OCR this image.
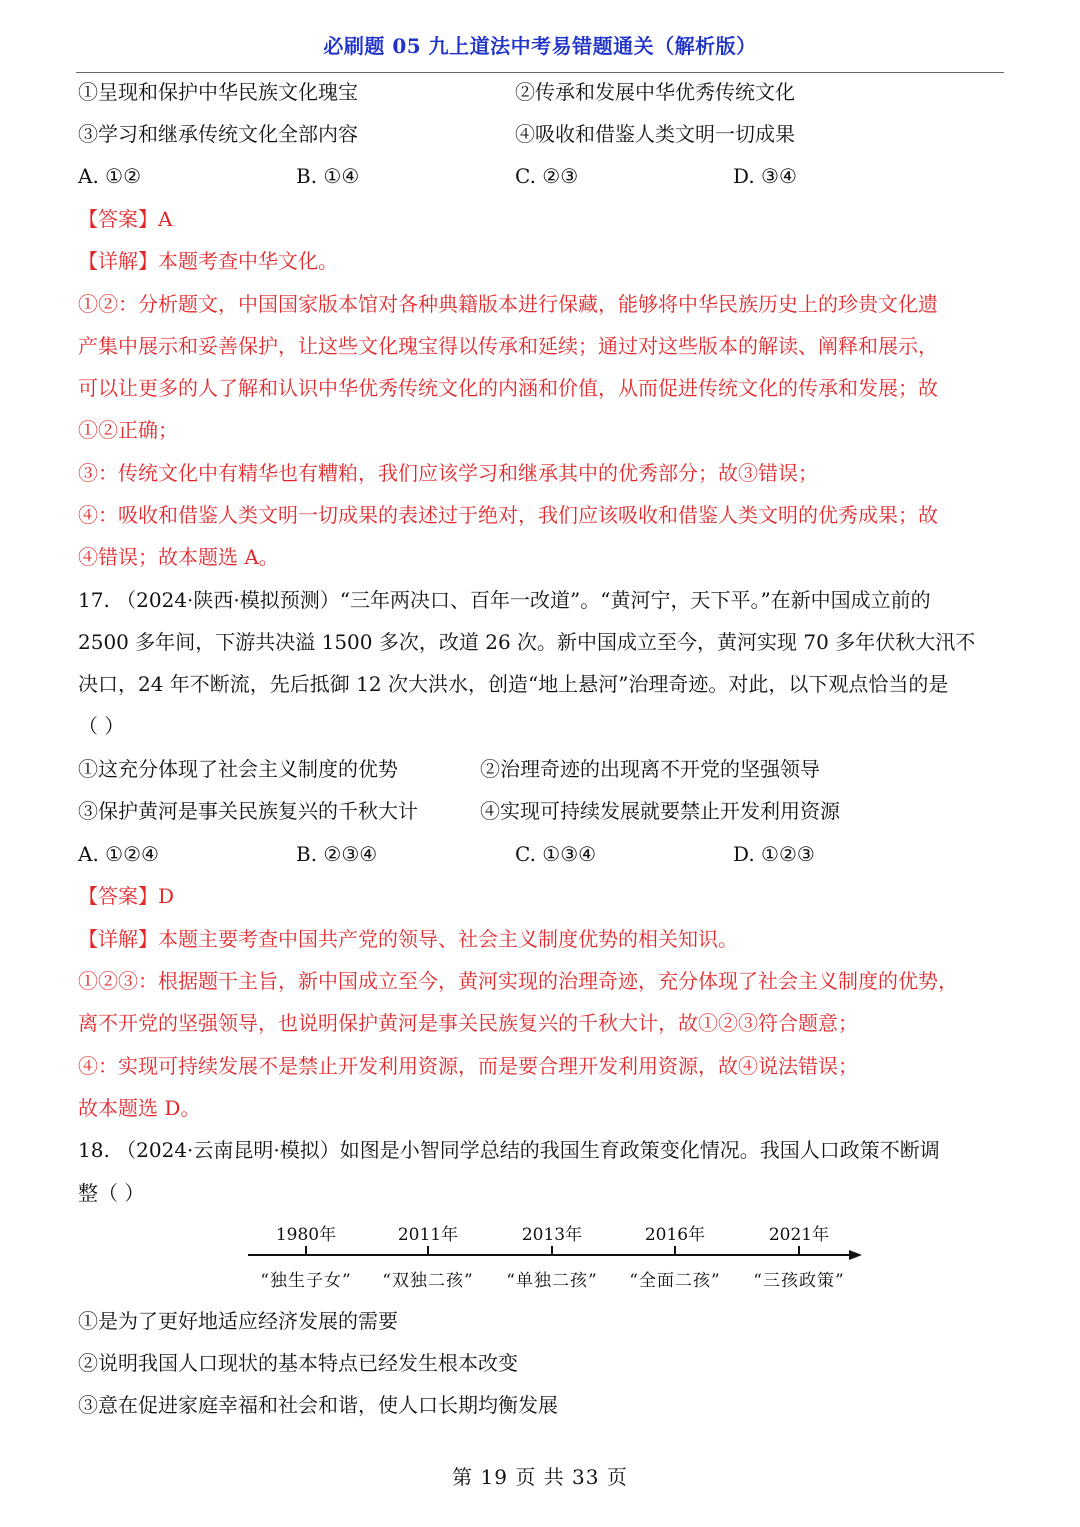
必刷题 05 九上道法中考易错题通关（解析版）
①呈现和保护中华民族文化瑰宝	②传承和发展中华优秀传统文化
③学习和继承传统文化全部内容	④吸收和借鉴人类文明一切成果
A. ①②	B. ①④	C. ②③	D. ③④
【答案】A
【详解】本题考查中华文化。
①②：分析题文，中国国家版本馆对各种典籍版本进行保藏，能够将中华民族历史上的珍贵文化遗
产集中展示和妥善保护，让这些文化瑰宝得以传承和延续；通过对这些版本的解读、阐释和展示，
可以让更多的人了解和认识中华优秀传统文化的内涵和价值，从而促进传统文化的传承和发展；故
①②正确；
③：传统文化中有精华也有糟粕，我们应该学习和继承其中的优秀部分；故③错误；
④：吸收和借鉴人类文明一切成果的表述过于绝对，我们应该吸收和借鉴人类文明的优秀成果；故
④错误；故本题选 A。
17. （2024·陕西·模拟预测）“三年两决口、百年一改道”。“黄河宁，天下平。”在新中国成立前的
2500 多年间，下游共决溢 1500 多次，改道 26 次。新中国成立至今，黄河实现 70 多年伏秋大汛不
决口，24 年不断流，先后抵御 12 次大洪水，创造“地上悬河”治理奇迹。对此，以下观点恰当的是
（ ）
①这充分体现了社会主义制度的优势	②治理奇迹的出现离不开党的坚强领导
③保护黄河是事关民族复兴的千秋大计	④实现可持续发展就要禁止开发利用资源
A. ①②④	B. ②③④	C. ①③④	D. ①②③
【答案】D
【详解】本题主要考查中国共产党的领导、社会主义制度优势的相关知识。
①②③：根据题干主旨，新中国成立至今，黄河实现的治理奇迹，充分体现了社会主义制度的优势，
离不开党的坚强领导，也说明保护黄河是事关民族复兴的千秋大计，故①②③符合题意；
④：实现可持续发展不是禁止开发利用资源，而是要合理开发利用资源，故④说法错误；
故本题选 D。
18. （2024·云南昆明·模拟）如图是小智同学总结的我国生育政策变化情况。我国人口政策不断调
整（ ）
1980年	2011年	2013年	2016年	2021年
“独生子女”	“双独二孩”	“单独二孩”	“全面二孩”	“三孩政策”
①是为了更好地适应经济发展的需要
②说明我国人口现状的基本特点已经发生根本改变
③意在促进家庭幸福和社会和谐，使人口长期均衡发展
第 19 页 共 33 页
